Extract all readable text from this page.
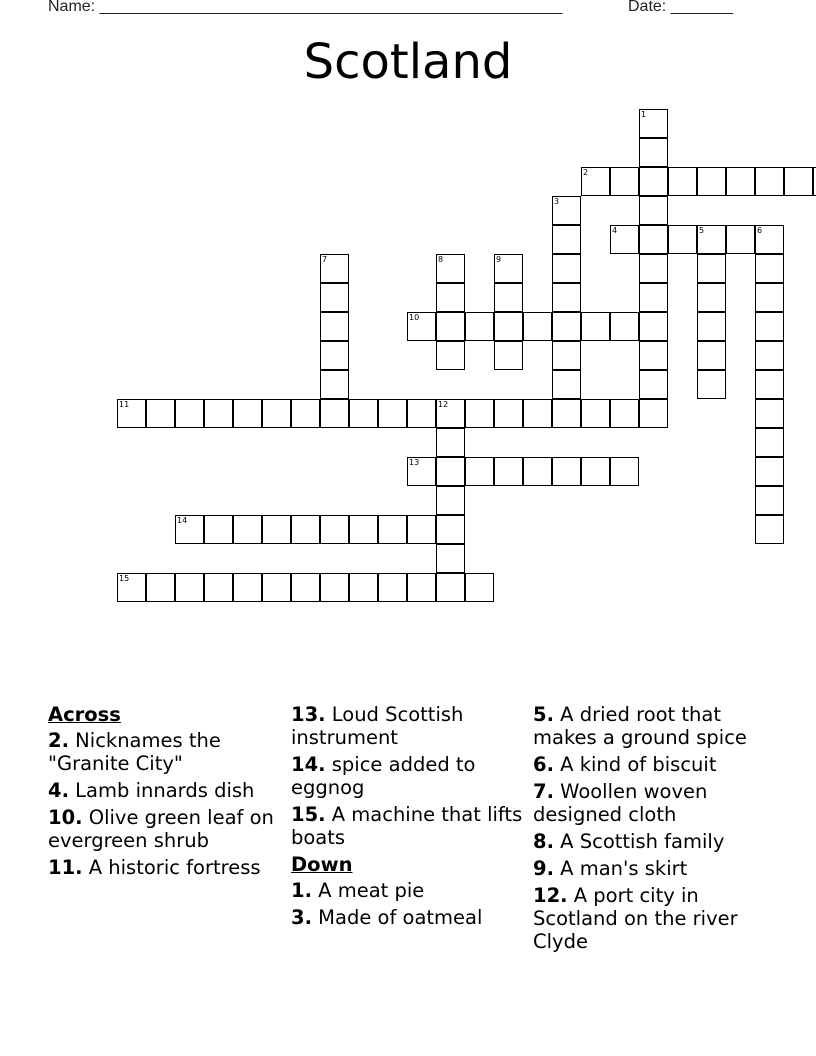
Name: ____________________________________________________	Date: _______
Scotland
1
2
3
4	5	6
7	8	9
10
11	12
13
14
15
Across
2. Nicknames the "Granite City"
4. Lamb innards dish
10. Olive green leaf on evergreen shrub
11. A historic fortress
13. Loud Scottish instrument
14. spice added to eggnog
15. A machine that lifts boats
Down
1. A meat pie
3. Made of oatmeal
5. A dried root that makes a ground spice
6. A kind of biscuit
7. Woollen woven designed cloth
8. A Scottish family
9. A man's skirt
12. A port city in Scotland on the river Clyde
